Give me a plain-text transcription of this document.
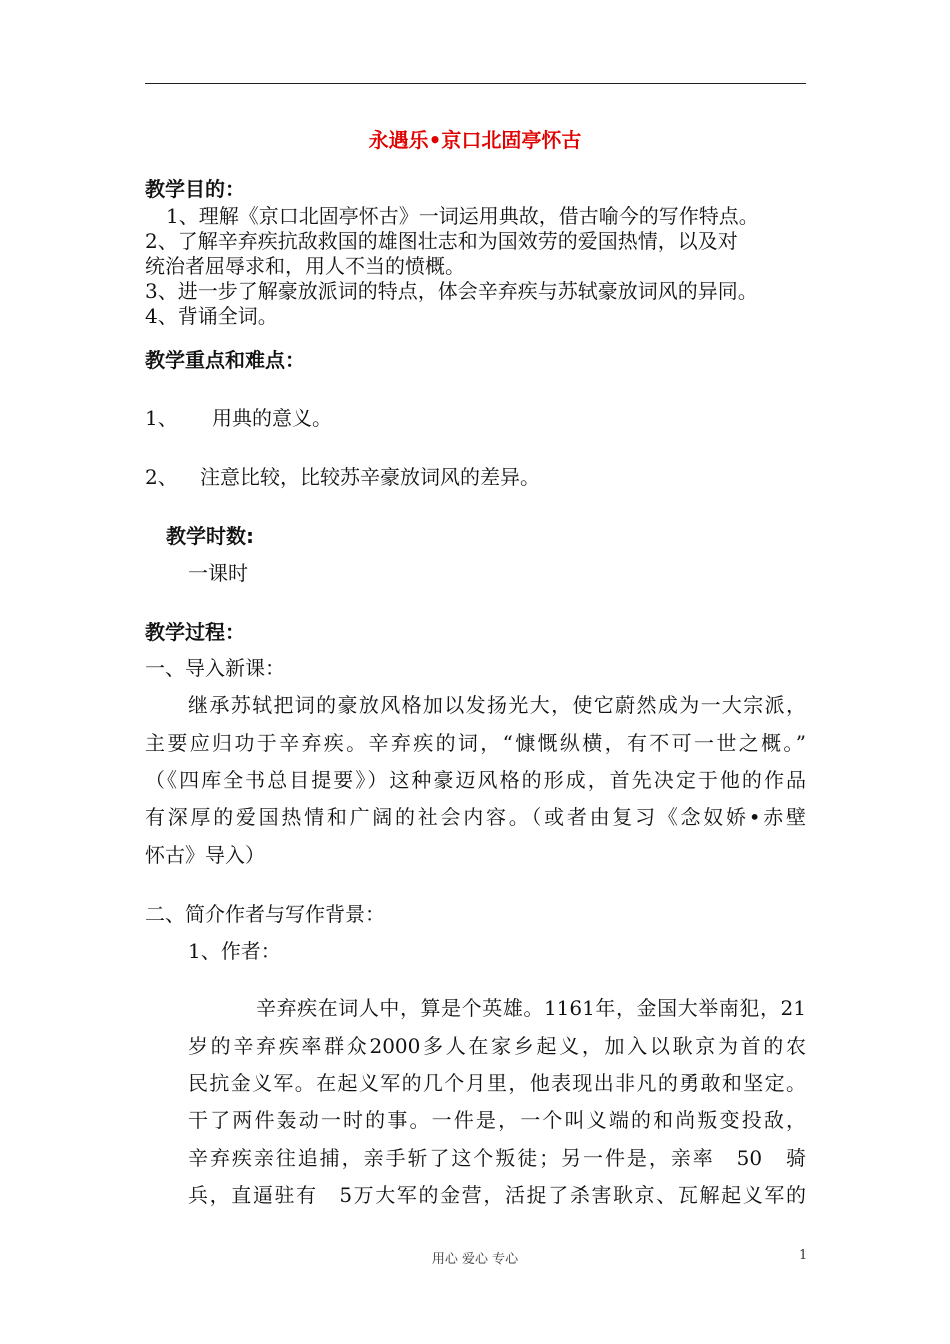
永遇乐•京口北固亭怀古
教学目的：
1、理解《京口北固亭怀古》一词运用典故，借古喻今的写作特点。
2、了解辛弃疾抗敌救国的雄图壮志和为国效劳的爱国热情，以及对
统治者屈辱求和，用人不当的愤概。
3、进一步了解豪放派词的特点，体会辛弃疾与苏轼豪放词风的异同。
4、背诵全词。
教学重点和难点：
1、 用典的意义。
2、 注意比较，比较苏辛豪放词风的差异。
教学时数:
一课时
教学过程：
一、导入新课：
继承苏轼把词的豪放风格加以发扬光大，使它蔚然成为一大宗派，
主要应归功于辛弃疾。辛弃疾的词，“慷慨纵横，有不可一世之概。”
（《四库全书总目提要》）这种豪迈风格的形成，首先决定于他的作品
有深厚的爱国热情和广阔的社会内容。（或者由复习《念奴娇•赤壁
怀古》导入）
二、简介作者与写作背景：
1、作者：
辛弃疾在词人中，算是个英雄。1161年，金国大举南犯，21
岁的辛弃疾率群众2000多人在家乡起义，加入以耿京为首的农
民抗金义军。在起义军的几个月里，他表现出非凡的勇敢和坚定。
干了两件轰动一时的事。一件是，一个叫义端的和尚叛变投敌，
辛弃疾亲往追捕，亲手斩了这个叛徒；另一件是，亲率　50　骑
兵，直逼驻有　5万大军的金营，活捉了杀害耿京、瓦解起义军的
用心 爱心 专心	1
